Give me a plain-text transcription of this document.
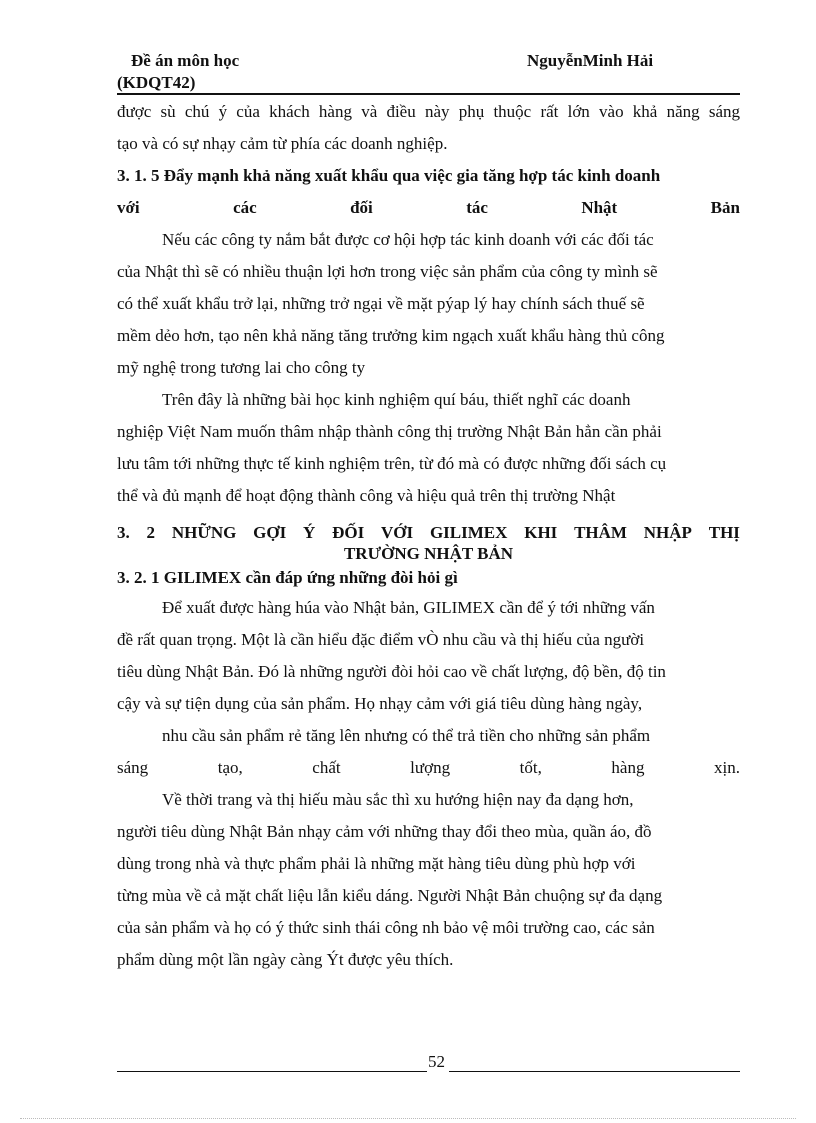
Đề án môn học
(KDQT42)
NguyễnMinh Hải
được sù chú ý của khách hàng và điều này phụ thuộc rất lớn vào khả năng sáng
tạo và có sự nhạy cảm từ phía các doanh nghiệp.
3. 1. 5 Đẩy mạnh khả năng xuất khẩu qua việc gia tăng hợp tác kinh doanh
với	các	đối	tác	Nhật	Bản
Nếu các công ty nắm bắt được cơ hội hợp tác kinh doanh với các đối tác
của Nhật thì sẽ có nhiều thuận lợi hơn trong việc sản phẩm của công ty mình sẽ
có thể xuất khẩu trở lại, những trở ngại về mặt pýap lý hay chính sách thuế sẽ
mềm dẻo hơn, tạo nên khả năng tăng trưởng kim ngạch xuất khẩu hàng thủ công
mỹ nghệ trong tương lai cho công ty
Trên đây là những bài học kinh nghiệm quí báu, thiết nghĩ các doanh
nghiệp Việt Nam muốn thâm nhập thành công thị trường Nhật Bản hẳn cần phải
lưu tâm tới những thực tế kinh nghiệm trên, từ đó mà có được những đối sách cụ
thể và đủ mạnh để hoạt động thành công và hiệu quả trên thị trường Nhật
3. 2 NHỮNG GỢI Ý ĐỐI VỚI GILIMEX KHI THÂM NHẬP THỊ
TRƯỜNG NHẬT BẢN
3. 2. 1 GILIMEX cần đáp ứng những đòi hỏi gì
Để xuất được hàng húa vào Nhật bản, GILIMEX cần để ý tới những vấn
đề rất quan trọng. Một là cần hiểu đặc điểm vÒ nhu cầu và thị hiếu của người
tiêu dùng Nhật Bản. Đó là những người đòi hỏi cao về chất lượng, độ bền, độ tin
cậy và sự tiện dụng của sản phẩm. Họ nhạy cảm với giá tiêu dùng hàng ngày,
nhu cầu sản phẩm rẻ tăng lên nhưng có thể trả tiền cho những sản phẩm
sáng	tạo,	chất	lượng	tốt,	hàng	xịn.
Về thời trang và thị hiếu màu sắc thì xu hướng hiện nay đa dạng hơn,
người tiêu dùng Nhật Bản nhạy cảm với những thay đổi theo mùa, quần áo, đồ
dùng trong nhà và thực phẩm phải là những mặt hàng tiêu dùng phù hợp với
từng mùa về cả mặt chất liệu lẫn kiểu dáng. Người Nhật Bản chuộng sự đa dạng
của sản phẩm và họ có ý thức sinh thái công nh bảo vệ môi trường cao, các sản
phẩm dùng một lần ngày càng Ýt được yêu thích.
52
